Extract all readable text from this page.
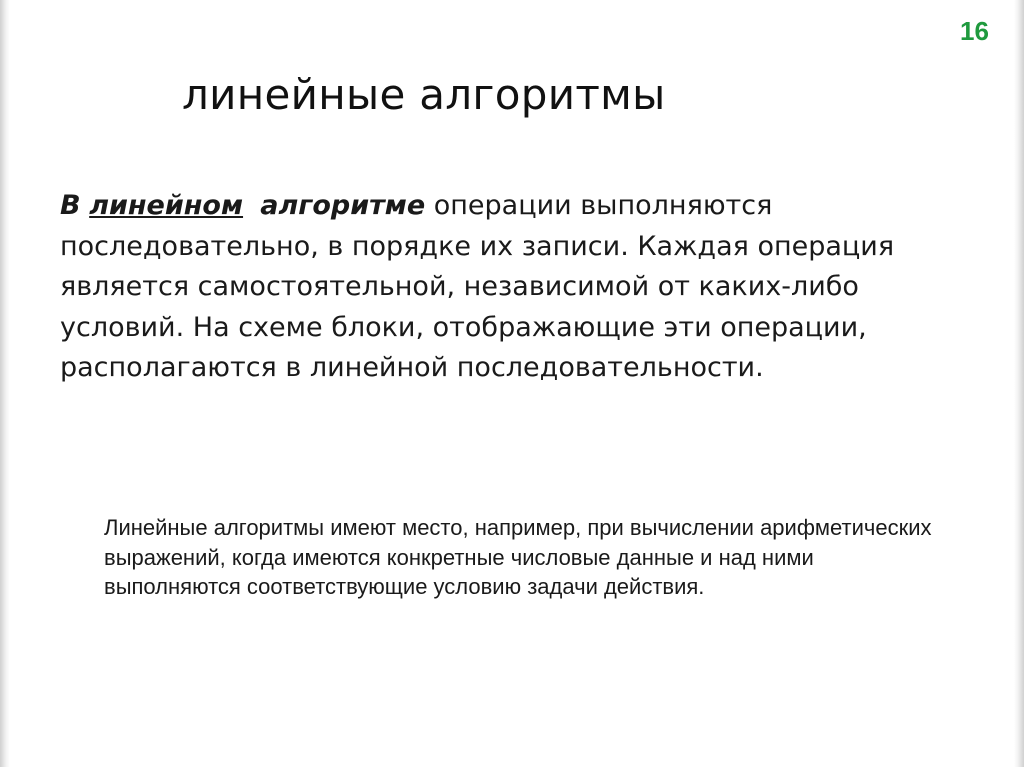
16
линейные алгоритмы

В линейном алгоритме операции выполняются последовательно, в порядке их записи. Каждая операция является самостоятельной, независимой от каких-либо условий. На схеме блоки, отображающие эти операции, располагаются в линейной последовательности.

Линейные алгоритмы имеют место, например, при вычислении арифметических выражений, когда имеются конкретные числовые данные и над ними выполняются соответствующие условию задачи действия.
